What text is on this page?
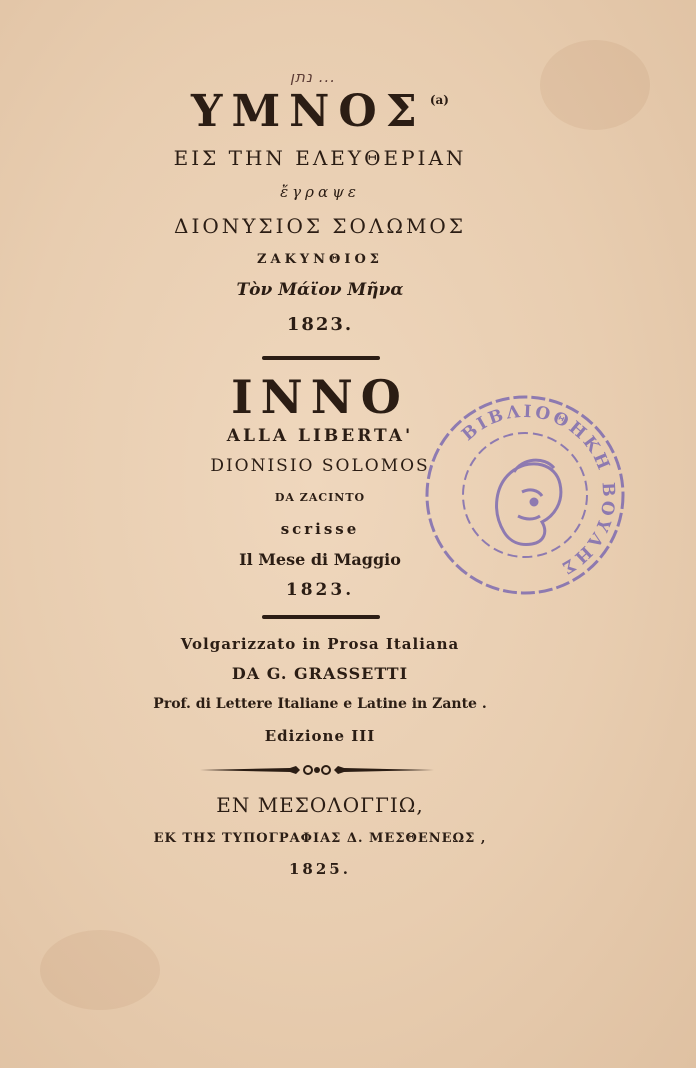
נתן ...
ΥΜΝΟΣ $^{(a)}$
ΕΙΣ ΤΗΝ ΕΛΕΥΘΕΡΙΑΝ
ἔγραψε
ΔΙΟΝΥΣΙΟΣ ΣΟΛΩΜΟΣ
ΖΑΚΥΝΘΙΟΣ
Τὸν Μάϊον Μῆνα
1823.
INNO
ALLA LIBERTA'
DIONISIO SOLOMOS
DA ZACINTO
scrisse
Il Mese di Maggio
1823.
Volgarizzato in Prosa Italiana
DA G. GRASSETTI
Prof. di Lettere Italiane e Latine in Zante .
Edizione III
ΕΝ ΜΕΣΟΛΟΓΓΙΩ,
ΕΚ ΤΗΣ ΤΥΠΟΓΡΑΦΙΑΣ Δ. ΜΕΣΘΕΝΕΩΣ ,
1825.
ΒΙΒΛΙΟΘΗΚΗ ΒΟΥΛΗΣ
